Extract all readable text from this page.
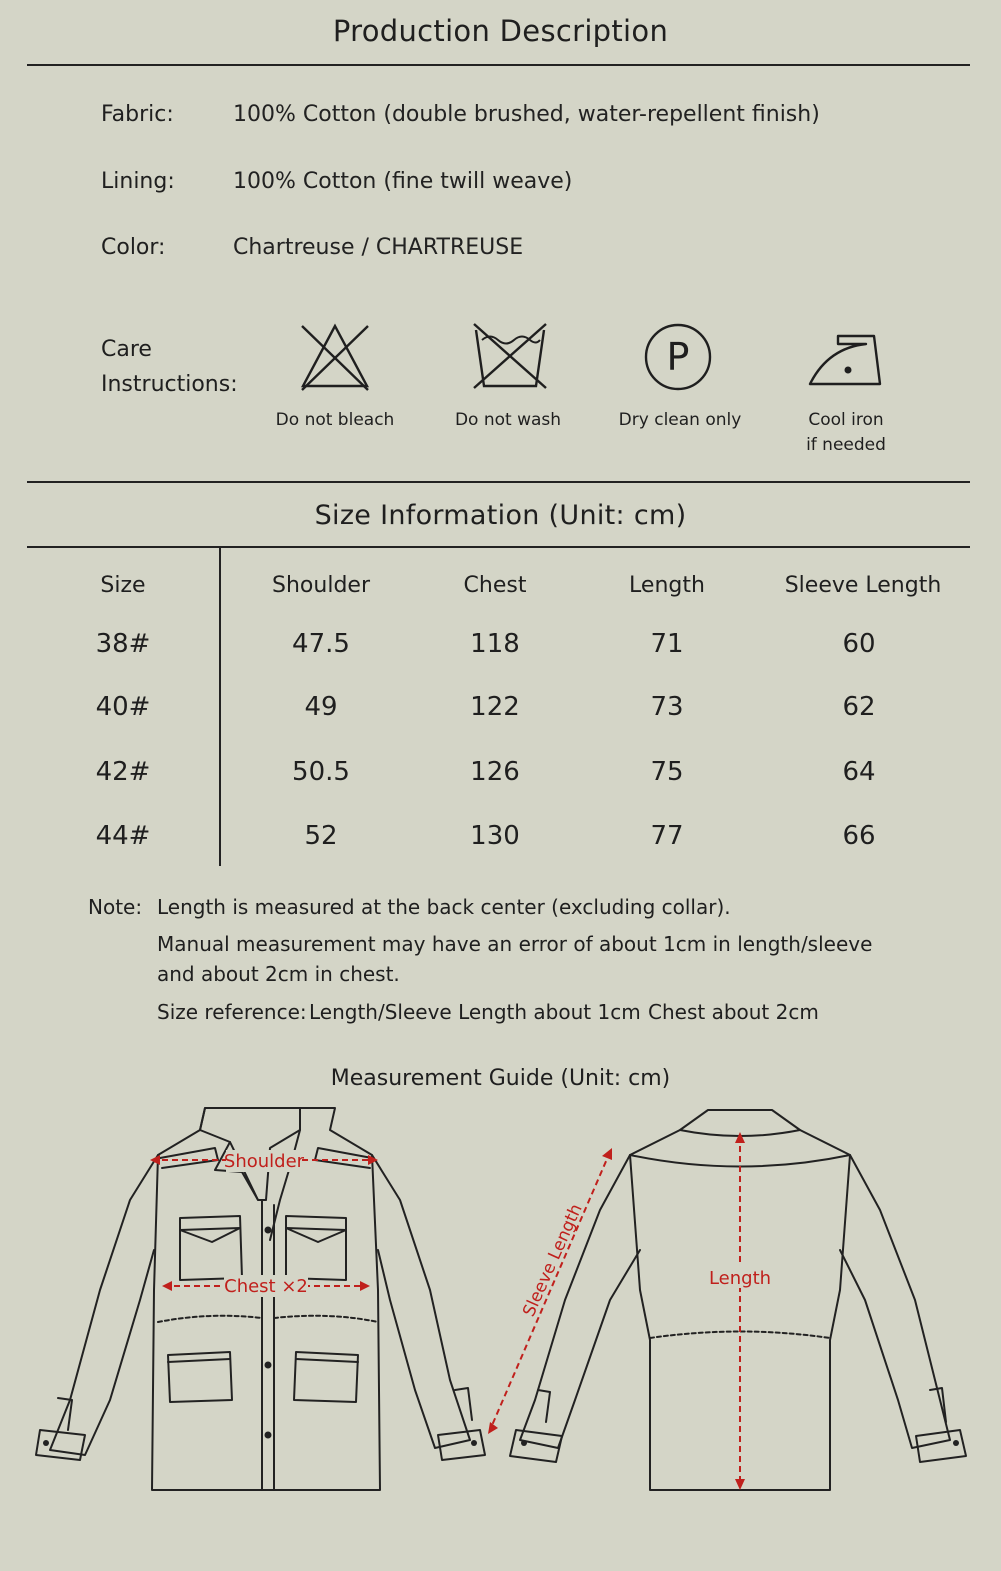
Production Description
Fabric:	100% Cotton (double brushed, water-repellent finish)
Lining:	100% Cotton (fine twill weave)
Color:	Chartreuse / CHARTREUSE
Care
Instructions:
P
Do not bleach	Do not wash	Dry clean only	Cool iron
if needed
Size Information (Unit: cm)
Size	Shoulder	Chest	Length	Sleeve Length
38#	47.5	118	71	60
40#	49	122	73	62
42#	50.5	126	75	64
44#	52	130	77	66
Note: Length is measured at the back center (excluding collar).
Manual measurement may have an error of about 1cm in length/sleeve
and about 2cm in chest.
Size reference: Length/Sleeve Length about 1cm Chest about 2cm
Measurement Guide (Unit: cm)
Shoulder
Chest ×2	Length
Sleeve Length
